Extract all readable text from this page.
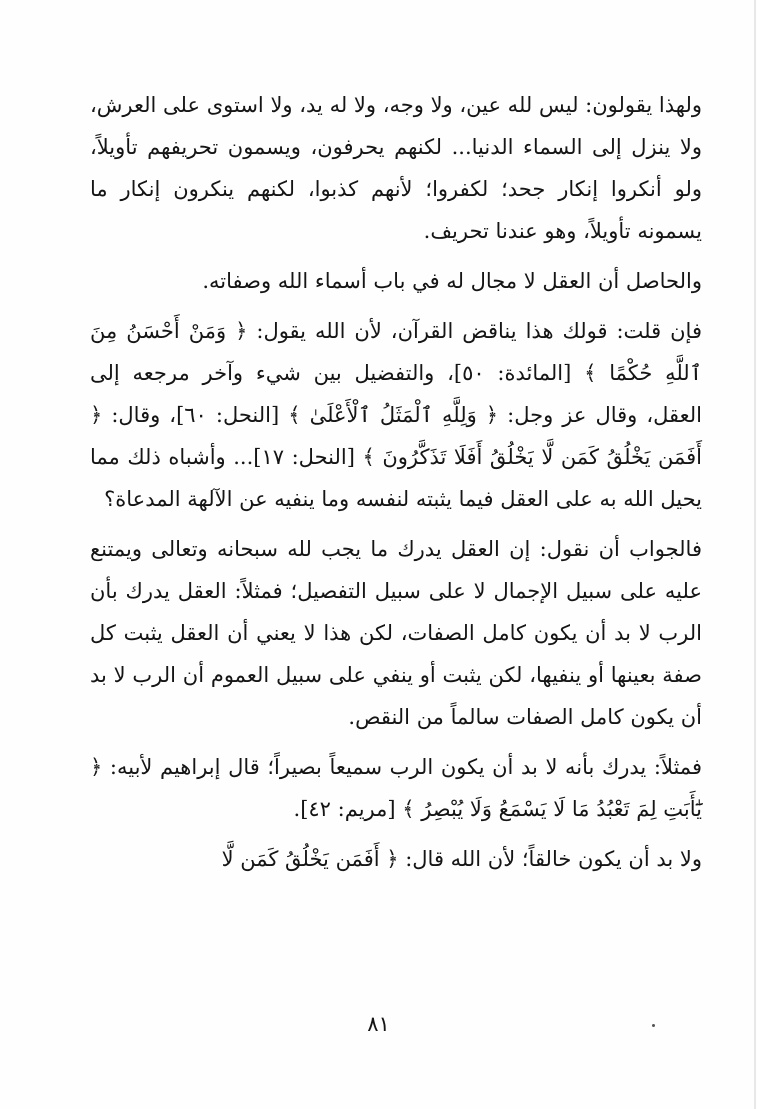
ولهذا يقولون: ليس لله عين، ولا وجه، ولا له يد، ولا استوى على العرش، ولا ينزل إلى السماء الدنيا... لكنهم يحرفون، ويسمون تحريفهم تأويلاً، ولو أنكروا إنكار جحد؛ لكفروا؛ لأنهم كذبوا، لكنهم ينكرون إنكار ما يسمونه تأويلاً، وهو عندنا تحريف.

والحاصل أن العقل لا مجال له في باب أسماء الله وصفاته.

فإن قلت: قولك هذا يناقض القرآن، لأن الله يقول: ﴿ وَمَنْ أَحْسَنُ مِنَ ٱللَّهِ حُكْمًا ﴾ [المائدة: ٥٠]، والتفضيل بين شيء وآخر مرجعه إلى العقل، وقال عز وجل: ﴿ وَلِلَّهِ ٱلْمَثَلُ ٱلْأَعْلَىٰ ﴾ [النحل: ٦٠]، وقال: ﴿ أَفَمَن يَخْلُقُ كَمَن لَّا يَخْلُقُ أَفَلَا تَذَكَّرُونَ ﴾ [النحل: ١٧]... وأشباه ذلك مما يحيل الله به على العقل فيما يثبته لنفسه وما ينفيه عن الآلهة المدعاة؟

فالجواب أن نقول: إن العقل يدرك ما يجب لله سبحانه وتعالى ويمتنع عليه على سبيل الإجمال لا على سبيل التفصيل؛ فمثلاً: العقل يدرك بأن الرب لا بد أن يكون كامل الصفات، لكن هذا لا يعني أن العقل يثبت كل صفة بعينها أو ينفيها، لكن يثبت أو ينفي على سبيل العموم أن الرب لا بد أن يكون كامل الصفات سالماً من النقص.

فمثلاً: يدرك بأنه لا بد أن يكون الرب سميعاً بصيراً؛ قال إبراهيم لأبيه: ﴿ يَٰٓأَبَتِ لِمَ تَعْبُدُ مَا لَا يَسْمَعُ وَلَا يُبْصِرُ ﴾ [مريم: ٤٢].

ولا بد أن يكون خالقاً؛ لأن الله قال: ﴿ أَفَمَن يَخْلُقُ كَمَن لَّا

٨١
